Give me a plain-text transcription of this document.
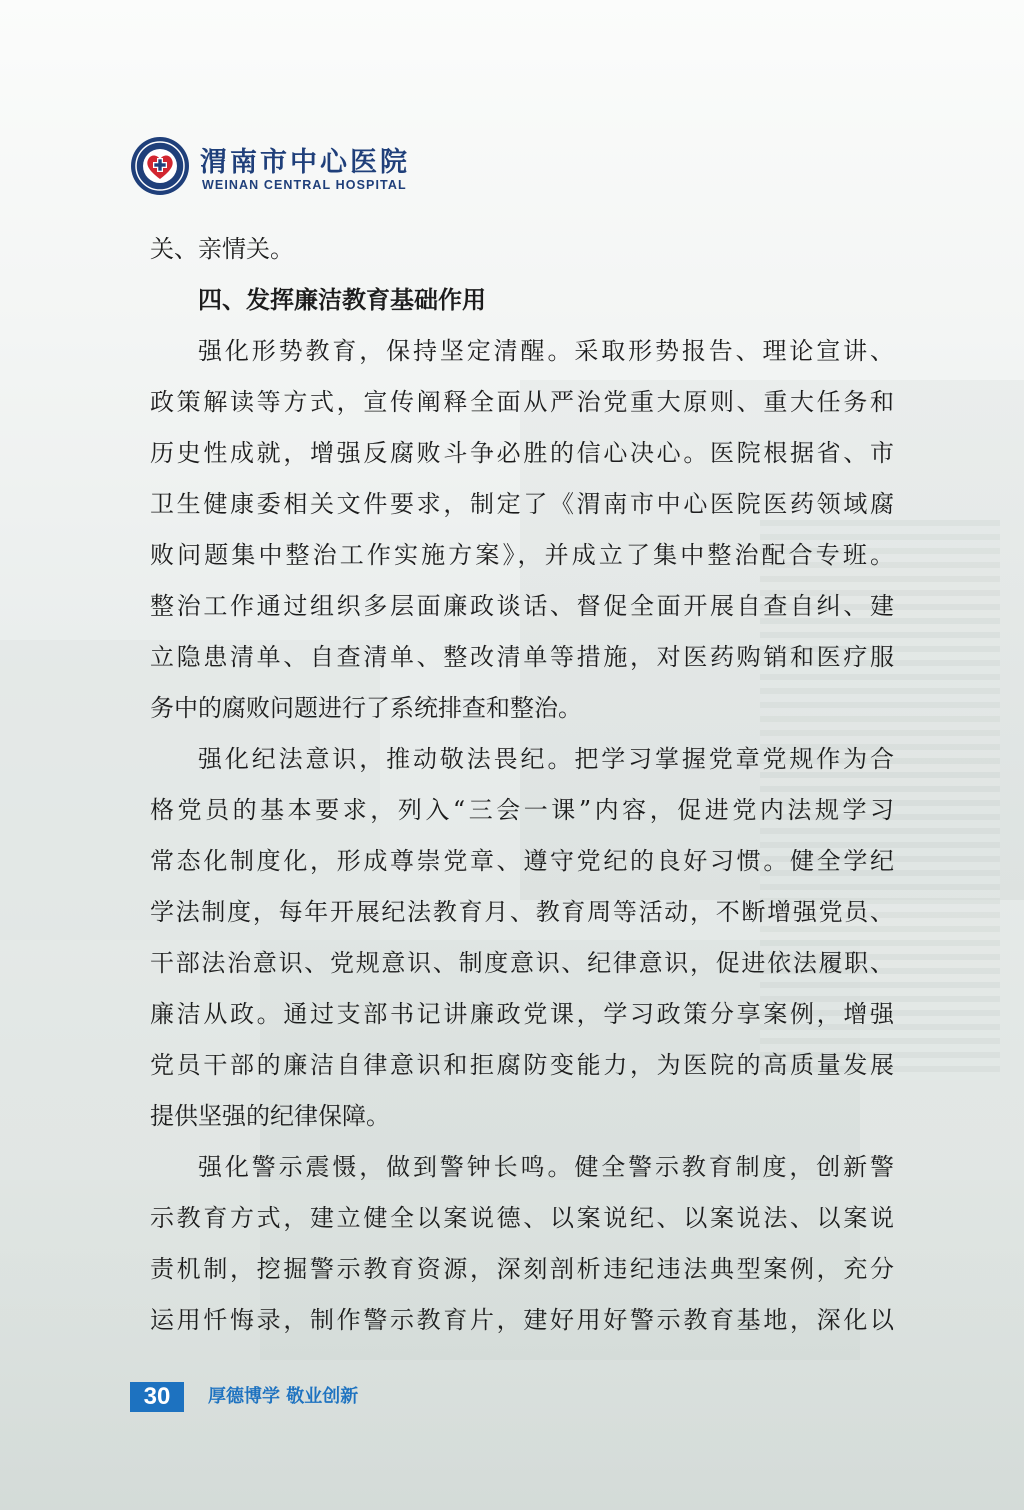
渭南市中心医院
WEINAN CENTRAL HOSPITAL

关、亲情关。

四、发挥廉洁教育基础作用

强化形势教育，保持坚定清醒。采取形势报告、理论宣讲、

政策解读等方式，宣传阐释全面从严治党重大原则、重大任务和

历史性成就，增强反腐败斗争必胜的信心决心。医院根据省、市

卫生健康委相关文件要求，制定了《渭南市中心医院医药领域腐

败问题集中整治工作实施方案》，并成立了集中整治配合专班。

整治工作通过组织多层面廉政谈话、督促全面开展自查自纠、建

立隐患清单、自查清单、整改清单等措施，对医药购销和医疗服

务中的腐败问题进行了系统排查和整治。

强化纪法意识，推动敬法畏纪。把学习掌握党章党规作为合

格党员的基本要求，列入“三会一课”内容，促进党内法规学习

常态化制度化，形成尊崇党章、遵守党纪的良好习惯。健全学纪

学法制度，每年开展纪法教育月、教育周等活动，不断增强党员、

干部法治意识、党规意识、制度意识、纪律意识，促进依法履职、

廉洁从政。通过支部书记讲廉政党课，学习政策分享案例，增强

党员干部的廉洁自律意识和拒腐防变能力，为医院的高质量发展

提供坚强的纪律保障。

强化警示震慑，做到警钟长鸣。健全警示教育制度，创新警

示教育方式，建立健全以案说德、以案说纪、以案说法、以案说

责机制，挖掘警示教育资源，深刻剖析违纪违法典型案例，充分

运用忏悔录，制作警示教育片，建好用好警示教育基地，深化以

30	厚德博学 敬业创新
